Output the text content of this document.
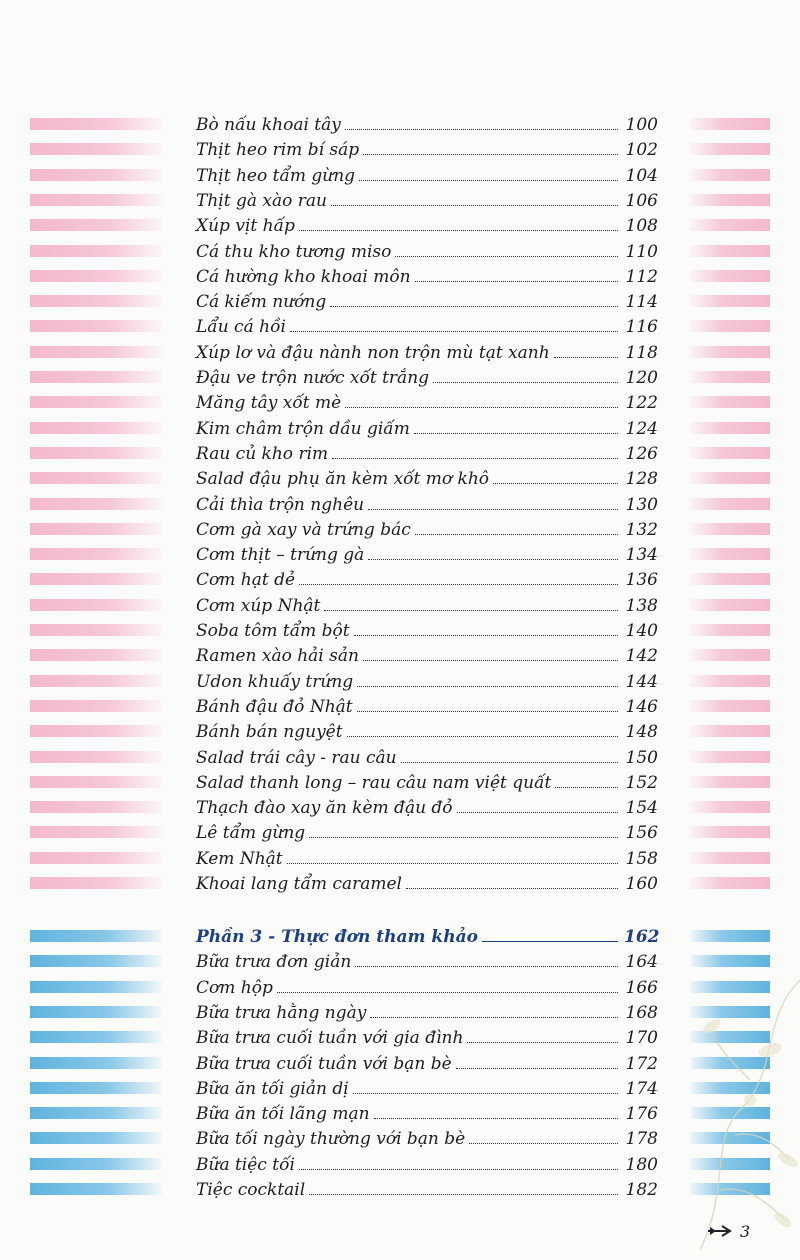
Bò nấu khoai tây	100
Thịt heo rim bí sáp	102
Thịt heo tẩm gừng	104
Thịt gà xào rau	106
Xúp vịt hấp	108
Cá thu kho tương miso	110
Cá hường kho khoai môn	112
Cá kiếm nướng	114
Lẩu cá hồi	116
Xúp lơ và đậu nành non trộn mù tạt xanh	118
Đậu ve trộn nước xốt trắng	120
Măng tây xốt mè	122
Kim châm trộn dầu giấm	124
Rau củ kho rim	126
Salad đậu phụ ăn kèm xốt mơ khô	128
Cải thìa trộn nghêu	130
Cơm gà xay và trứng bác	132
Cơm thịt – trứng gà	134
Cơm hạt dẻ	136
Cơm xúp Nhật	138
Soba tôm tẩm bột	140
Ramen xào hải sản	142
Udon khuấy trứng	144
Bánh đậu đỏ Nhật	146
Bánh bán nguyệt	148
Salad trái cây - rau câu	150
Salad thanh long – rau câu nam việt quất	152
Thạch đào xay ăn kèm đậu đỏ	154
Lê tẩm gừng	156
Kem Nhật	158
Khoai lang tẩm caramel	160
Phần 3 - Thực đơn tham khảo	162
Bữa trưa đơn giản	164
Cơm hộp	166
Bữa trưa hằng ngày	168
Bữa trưa cuối tuần với gia đình	170
Bữa trưa cuối tuần với bạn bè	172
Bữa ăn tối giản dị	174
Bữa ăn tối lãng mạn	176
Bữa tối ngày thường với bạn bè	178
Bữa tiệc tối	180
Tiệc cocktail	182
3
